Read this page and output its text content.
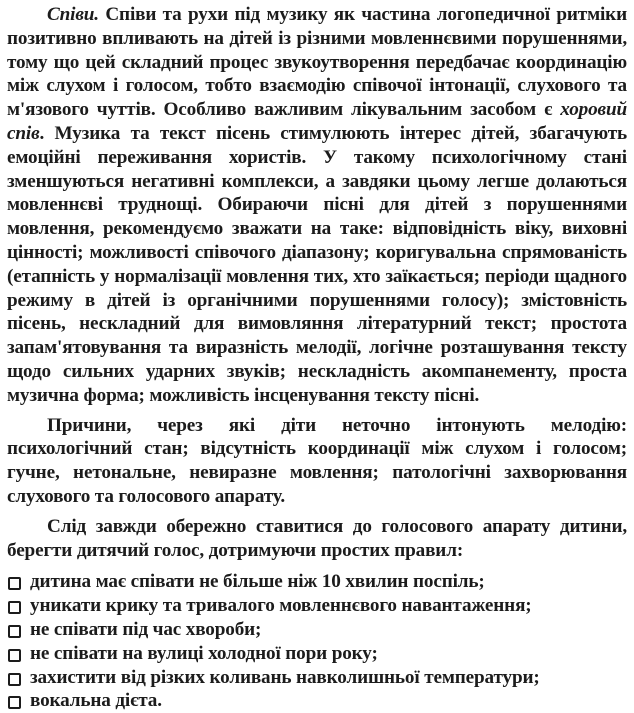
Співи. Співи та рухи під музику як частина логопедичної ритміки позитивно впливають на дітей із різними мовленнєвими порушеннями, тому що цей складний процес звукоутворення передбачає координацію між слухом і голосом, тобто взаємодію співочої інтонації, слухового та м'язового чуттів. Особливо важливим лікувальним засобом є хоровий спів. Музика та текст пісень стимулюють інтерес дітей, збагачують емоційні переживання хористів. У такому психологічному стані зменшуються негативні комплекси, а завдяки цьому легше долаються мовленнєві труднощі. Обираючи пісні для дітей з порушеннями мовлення, рекомендуємо зважати на таке: відповідність віку, виховні цінності; можливості співочого діапазону; коригувальна спрямованість (етапність у нормалізації мовлення тих, хто заїкається; періоди щадного режиму в дітей із органічними порушеннями голосу); змістовність пісень, нескладний для вимовляння літературний текст; простота запам'ятовування та виразність мелодії, логічне розташування тексту щодо сильних ударних звуків; нескладність акомпанементу, проста музична форма; можливість інсценування тексту пісні.

Причини, через які діти неточно інтонують мелодію: психологічний стан; відсутність координації між слухом і голосом; гучне, нетональне, невиразне мовлення; патологічні захворювання слухового та голосового апарату.

Слід завжди обережно ставитися до голосового апарату дитини, берегти дитячий голос, дотримуючи простих правил:

дитина має співати не більше ніж 10 хвилин поспіль;
уникати крику та тривалого мовленнєвого навантаження;
не співати під час хвороби;
не співати на вулиці холодної пори року;
захистити від різких коливань навколишньої температури;
вокальна дієта.
